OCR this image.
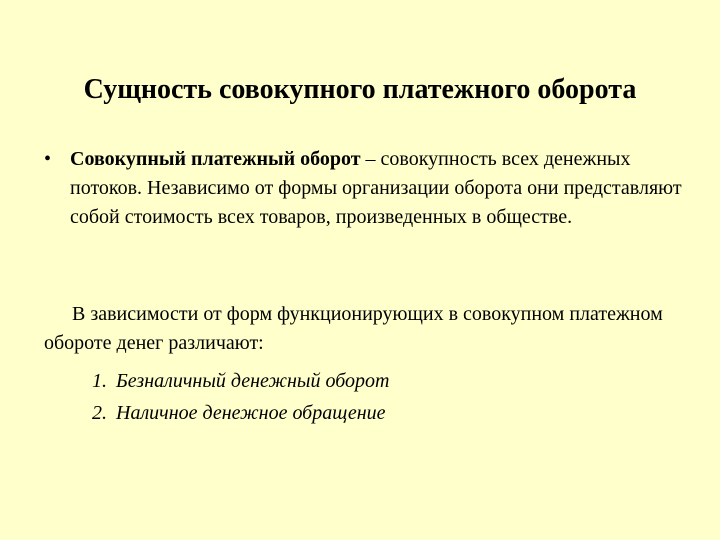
Сущность совокупного платежного оборота
• Совокупный платежный оборот – совокупность всех денежных потоков. Независимо от формы организации оборота они представляют собой стоимость всех товаров, произведенных в обществе.
В зависимости от форм функционирующих в совокупном платежном обороте денег различают:
1. Безналичный денежный оборот
2. Наличное денежное обращение
